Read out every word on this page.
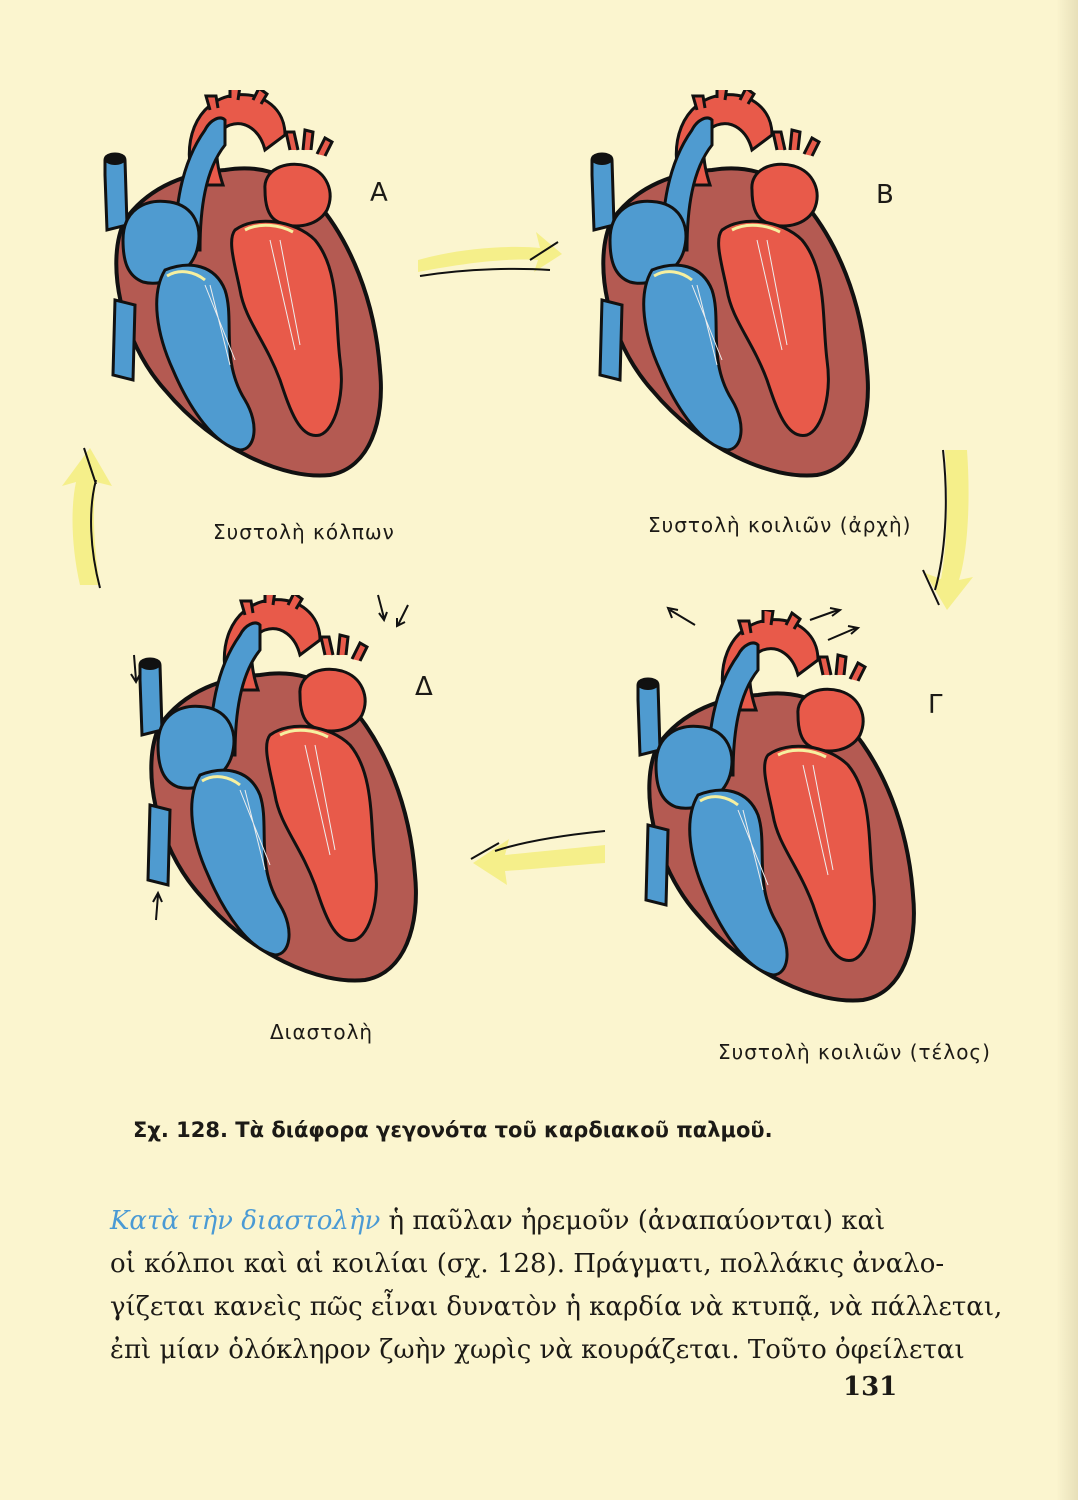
Α
Συστολὴ κόλπων
Β
Συστολὴ κοιλιῶν (ἀρχὴ)
Γ
Συστολὴ κοιλιῶν (τέλος)
Δ
Διαστολὴ
Σχ. 128. Τὰ διάφορα γεγονότα τοῦ καρδιακοῦ παλμοῦ.
Κατὰ τὴν διαστολὴν ἡ παῦλαν ἠρεμοῦν (ἀναπαύονται) καὶ
οἱ κόλποι καὶ αἱ κοιλίαι (σχ. 128). Πράγματι, πολλάκις ἀναλο-
γίζεται κανεὶς πῶς εἶναι δυνατὸν ἡ καρδία νὰ κτυπᾷ, νὰ πάλλεται,
ἐπὶ μίαν ὁλόκληρον ζωὴν χωρὶς νὰ κουράζεται. Τοῦτο ὀφείλεται
131
